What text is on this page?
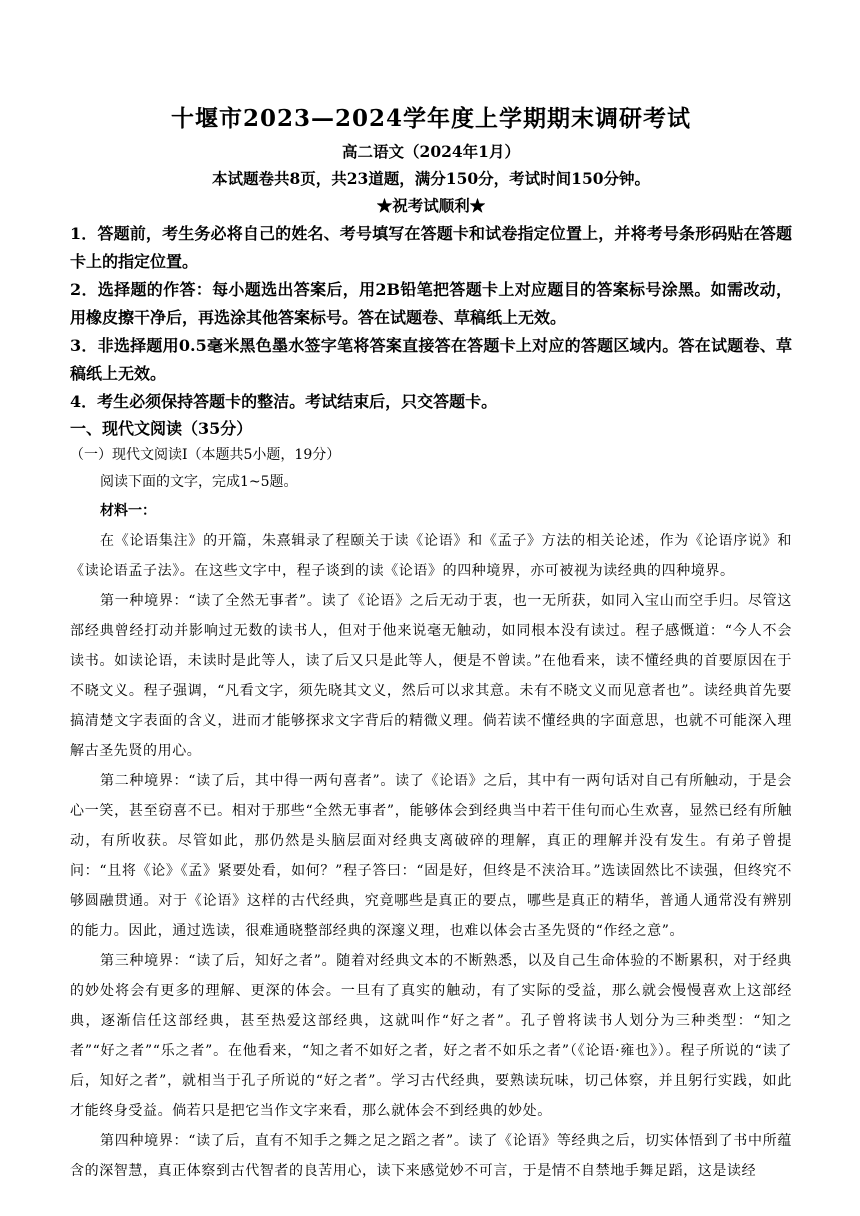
十堰市2023—2024学年度上学期期末调研考试
高二语文（2024年1月）
本试题卷共8页，共23道题，满分150分，考试时间150分钟。
★祝考试顺利★

1．答题前，考生务必将自己的姓名、考号填写在答题卡和试卷指定位置上，并将考号条形码贴在答题卡上的指定位置。

2．选择题的作答：每小题选出答案后，用2B铅笔把答题卡上对应题目的答案标号涂黑。如需改动，用橡皮擦干净后，再选涂其他答案标号。答在试题卷、草稿纸上无效。

3．非选择题用0.5毫米黑色墨水签字笔将答案直接答在答题卡上对应的答题区域内。答在试题卷、草稿纸上无效。

4．考生必须保持答题卡的整洁。考试结束后，只交答题卡。

一、现代文阅读（35分）

（一）现代文阅读Ⅰ（本题共5小题，19分）

阅读下面的文字，完成1~5题。

材料一：

在《论语集注》的开篇，朱熹辑录了程颐关于读《论语》和《孟子》方法的相关论述，作为《论语序说》和《读论语孟子法》。在这些文字中，程子谈到的读《论语》的四种境界，亦可被视为读经典的四种境界。

第一种境界：“读了全然无事者”。读了《论语》之后无动于衷，也一无所获，如同入宝山而空手归。尽管这部经典曾经打动并影响过无数的读书人，但对于他来说毫无触动，如同根本没有读过。程子感慨道：“今人不会读书。如读论语，未读时是此等人，读了后又只是此等人，便是不曾读。”在他看来，读不懂经典的首要原因在于不晓文义。程子强调，“凡看文字，须先晓其文义，然后可以求其意。未有不晓文义而见意者也”。读经典首先要搞清楚文字表面的含义，进而才能够探求文字背后的精微义理。倘若读不懂经典的字面意思，也就不可能深入理解古圣先贤的用心。

第二种境界：“读了后，其中得一两句喜者”。读了《论语》之后，其中有一两句话对自己有所触动，于是会心一笑，甚至窃喜不已。相对于那些“全然无事者”，能够体会到经典当中若干佳句而心生欢喜，显然已经有所触动，有所收获。尽管如此，那仍然是头脑层面对经典支离破碎的理解，真正的理解并没有发生。有弟子曾提问：“且将《论》《孟》紧要处看，如何？”程子答曰：“固是好，但终是不浃洽耳。”选读固然比不读强，但终究不够圆融贯通。对于《论语》这样的古代经典，究竟哪些是真正的要点，哪些是真正的精华，普通人通常没有辨别的能力。因此，通过选读，很难通晓整部经典的深邃义理，也难以体会古圣先贤的“作经之意”。

第三种境界：“读了后，知好之者”。随着对经典文本的不断熟悉，以及自己生命体验的不断累积，对于经典的妙处将会有更多的理解、更深的体会。一旦有了真实的触动，有了实际的受益，那么就会慢慢喜欢上这部经典，逐渐信任这部经典，甚至热爱这部经典，这就叫作“好之者”。孔子曾将读书人划分为三种类型：“知之者”“好之者”“乐之者”。在他看来，“知之者不如好之者，好之者不如乐之者”（《论语·雍也》）。程子所说的“读了后，知好之者”，就相当于孔子所说的“好之者”。学习古代经典，要熟读玩味，切己体察，并且躬行实践，如此才能终身受益。倘若只是把它当作文字来看，那么就体会不到经典的妙处。

第四种境界：“读了后，直有不知手之舞之足之蹈之者”。读了《论语》等经典之后，切实体悟到了书中所蕴含的深智慧，真正体察到古代智者的良苦用心，读下来感觉妙不可言，于是情不自禁地手舞足蹈，这是读经
